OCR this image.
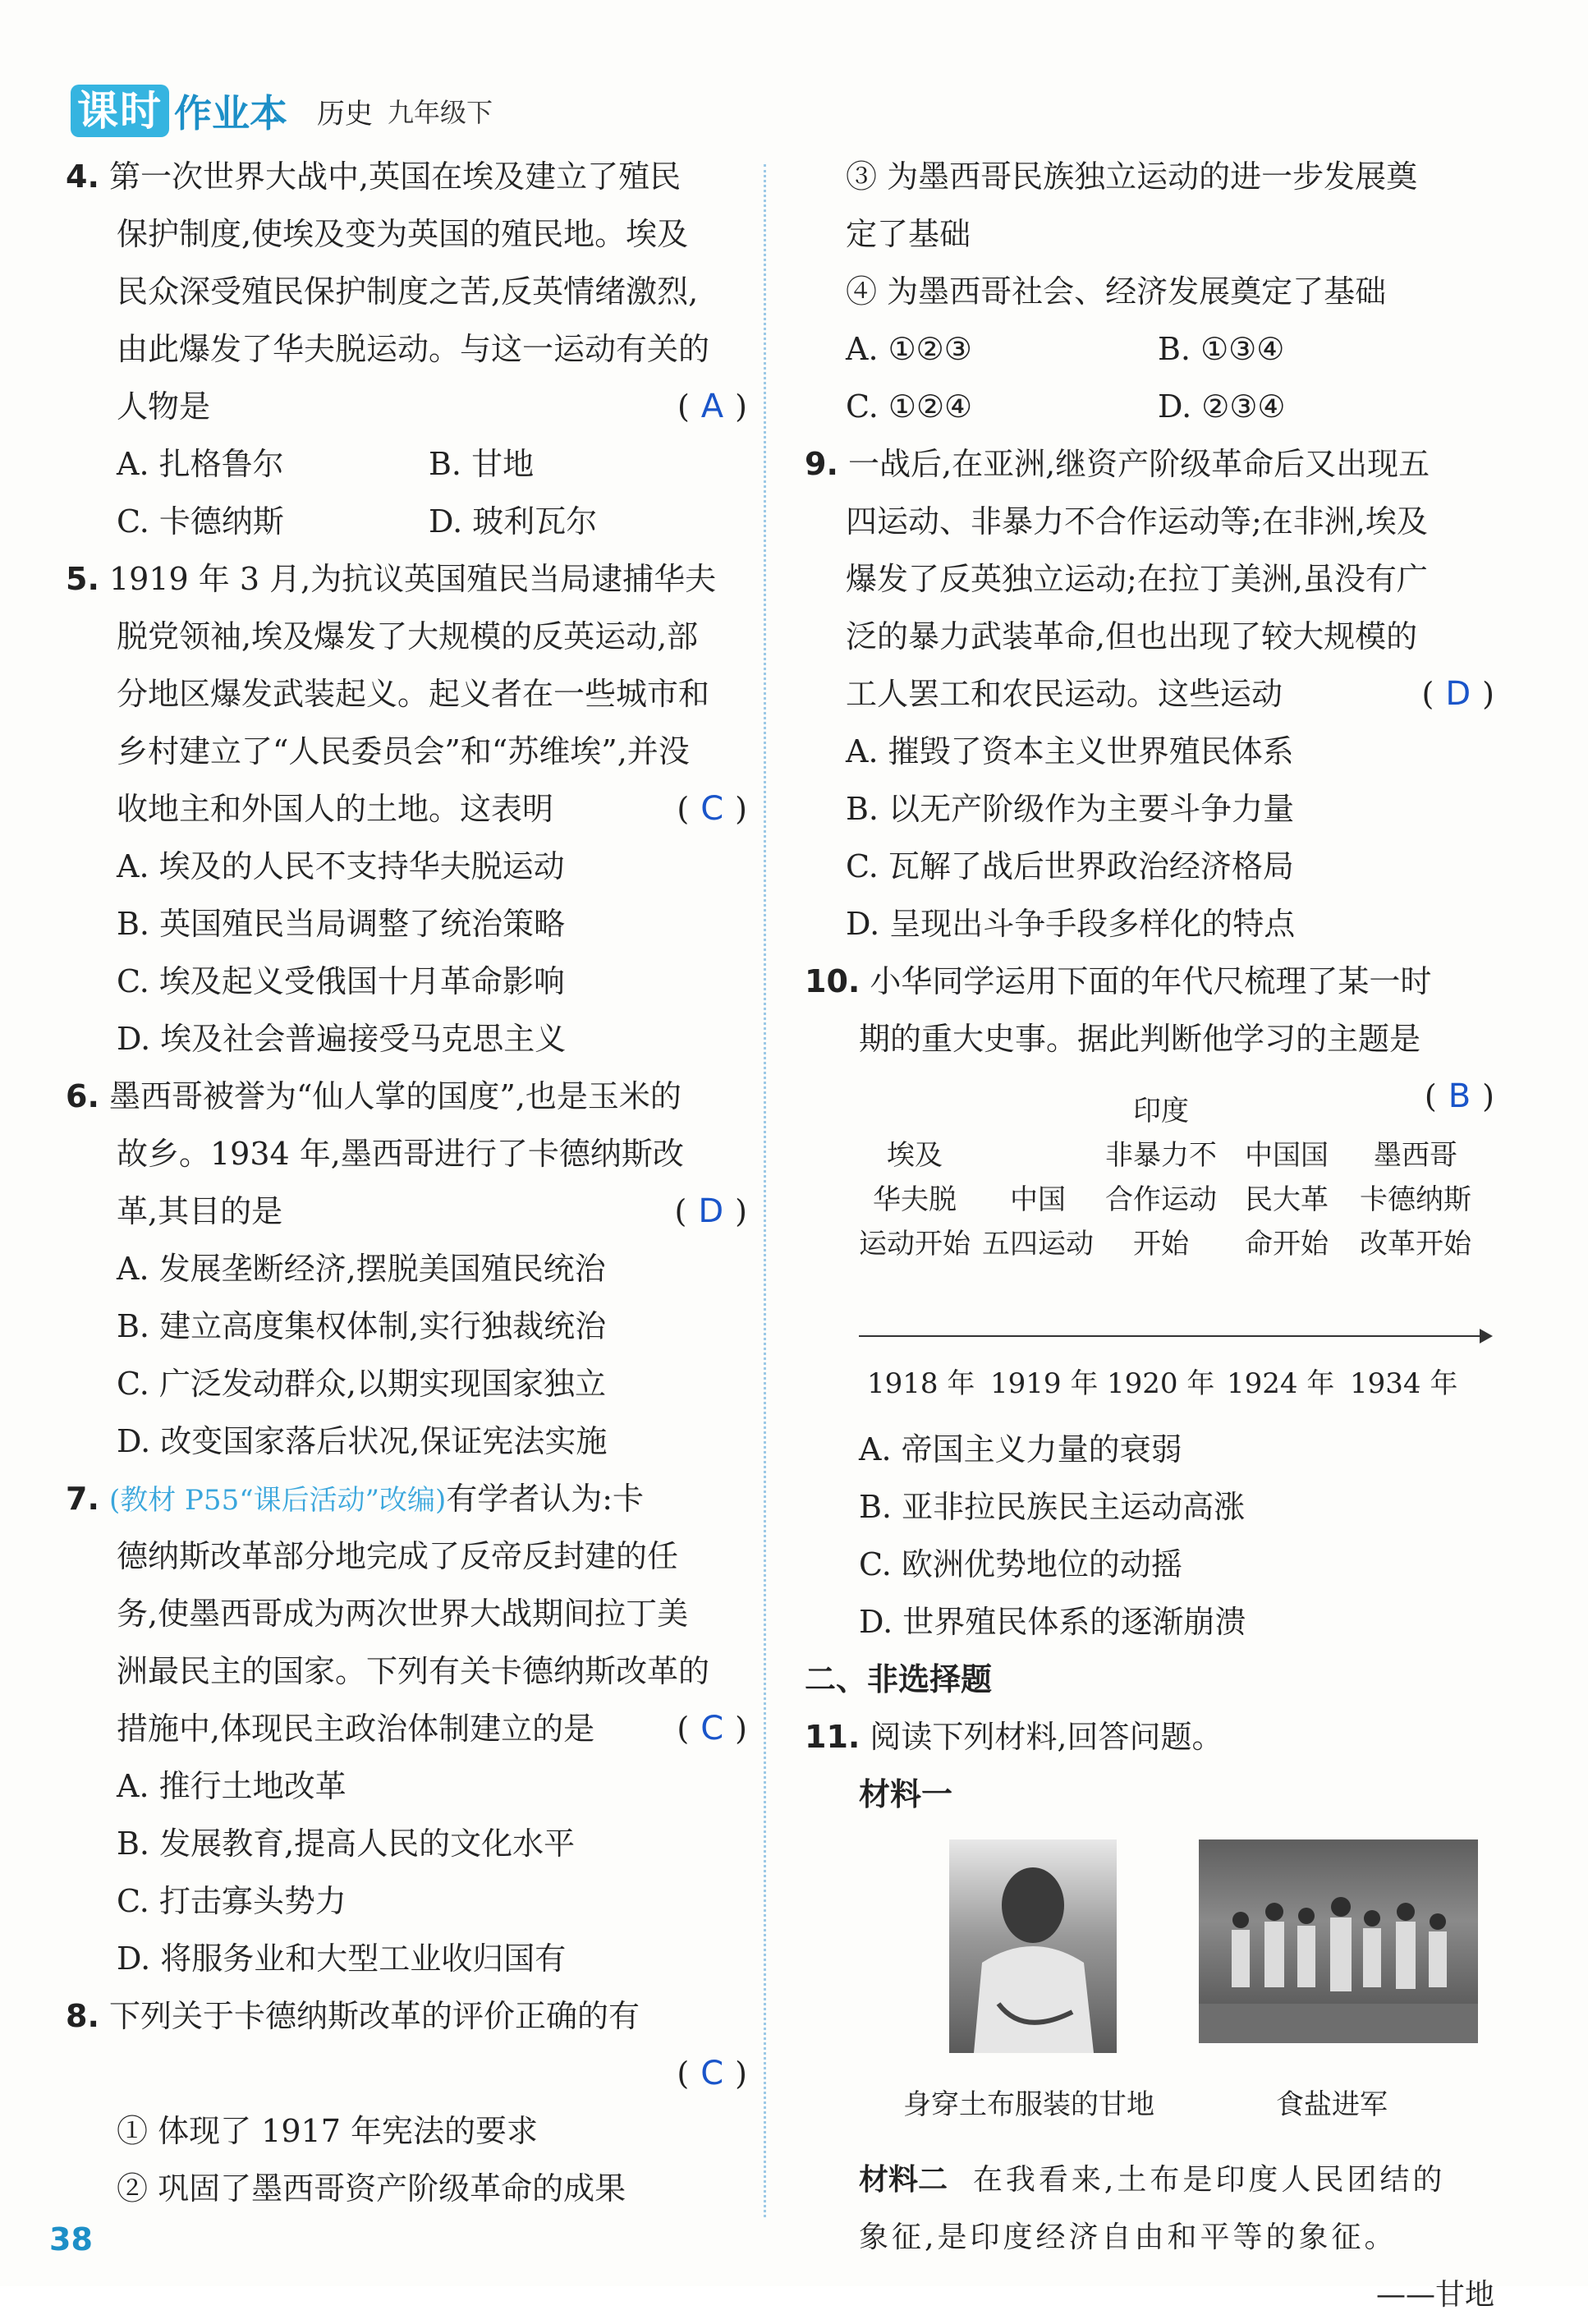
课时 作业本 历史 九年级下
4. 第一次世界大战中,英国在埃及建立了殖民
保护制度,使埃及变为英国的殖民地。埃及
民众深受殖民保护制度之苦,反英情绪激烈,
由此爆发了华夫脱运动。与这一运动有关的
人物是	( A )
A. 扎格鲁尔	B. 甘地
C. 卡德纳斯	D. 玻利瓦尔
5. 1919 年 3 月,为抗议英国殖民当局逮捕华夫
脱党领袖,埃及爆发了大规模的反英运动,部
分地区爆发武装起义。起义者在一些城市和
乡村建立了“人民委员会”和“苏维埃”,并没
收地主和外国人的土地。这表明	( C )
A. 埃及的人民不支持华夫脱运动
B. 英国殖民当局调整了统治策略
C. 埃及起义受俄国十月革命影响
D. 埃及社会普遍接受马克思主义
6. 墨西哥被誉为“仙人掌的国度”,也是玉米的
故乡。1934 年,墨西哥进行了卡德纳斯改
革,其目的是	( D )
A. 发展垄断经济,摆脱美国殖民统治
B. 建立高度集权体制,实行独裁统治
C. 广泛发动群众,以期实现国家独立
D. 改变国家落后状况,保证宪法实施
7. (教材 P55“课后活动”改编)有学者认为:卡
德纳斯改革部分地完成了反帝反封建的任
务,使墨西哥成为两次世界大战期间拉丁美
洲最民主的国家。下列有关卡德纳斯改革的
措施中,体现民主政治体制建立的是	( C )
A. 推行土地改革
B. 发展教育,提高人民的文化水平
C. 打击寡头势力
D. 将服务业和大型工业收归国有
8. 下列关于卡德纳斯改革的评价正确的有
( C )
① 体现了 1917 年宪法的要求
② 巩固了墨西哥资产阶级革命的成果
③ 为墨西哥民族独立运动的进一步发展奠
定了基础
④ 为墨西哥社会、经济发展奠定了基础
A. ①②③	B. ①③④
C. ①②④	D. ②③④
9. 一战后,在亚洲,继资产阶级革命后又出现五
四运动、非暴力不合作运动等;在非洲,埃及
爆发了反英独立运动;在拉丁美洲,虽没有广
泛的暴力武装革命,但也出现了较大规模的
工人罢工和农民运动。这些运动	( D )
A. 摧毁了资本主义世界殖民体系
B. 以无产阶级作为主要斗争力量
C. 瓦解了战后世界政治经济格局
D. 呈现出斗争手段多样化的特点
10. 小华同学运用下面的年代尺梳理了某一时
期的重大史事。据此判断他学习的主题是
( B )
埃及
华夫脱
运动开始
中国
五四运动
印度
非暴力不
合作运动
开始
中国国
民大革
命开始
墨西哥
卡德纳斯
改革开始
1918 年 1919 年 1920 年 1924 年 1934 年
A. 帝国主义力量的衰弱
B. 亚非拉民族民主运动高涨
C. 欧洲优势地位的动摇
D. 世界殖民体系的逐渐崩溃
二、非选择题
11. 阅读下列材料,回答问题。
材料一
身穿土布服装的甘地	食盐进军
材料二 在我看来,土布是印度人民团结的
象征,是印度经济自由和平等的象征。
——甘地
38
